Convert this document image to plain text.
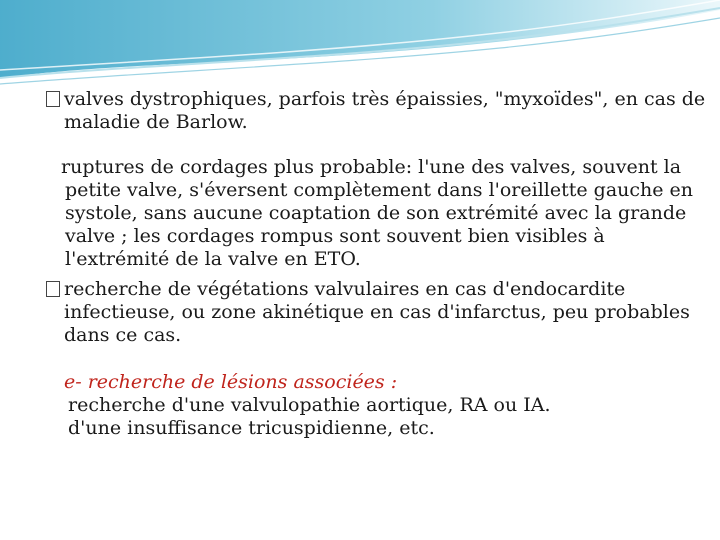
valves dystrophiques, parfois très épaissies, "myxoïdes", en cas de maladie de Barlow.

ruptures de cordages plus probable: l'une des valves, souvent la petite valve, s'éversent complètement dans l'oreillette gauche en systole, sans aucune coaptation de son extrémité avec la grande valve ; les cordages rompus sont souvent bien visibles à l'extrémité de la valve en ETO.

recherche de végétations valvulaires en cas d'endocardite infectieuse, ou zone akinétique en cas d'infarctus, peu probables dans ce cas.

e- recherche de lésions associées :

recherche d'une valvulopathie aortique, RA ou IA.
d'une insuffisance tricuspidienne, etc.
